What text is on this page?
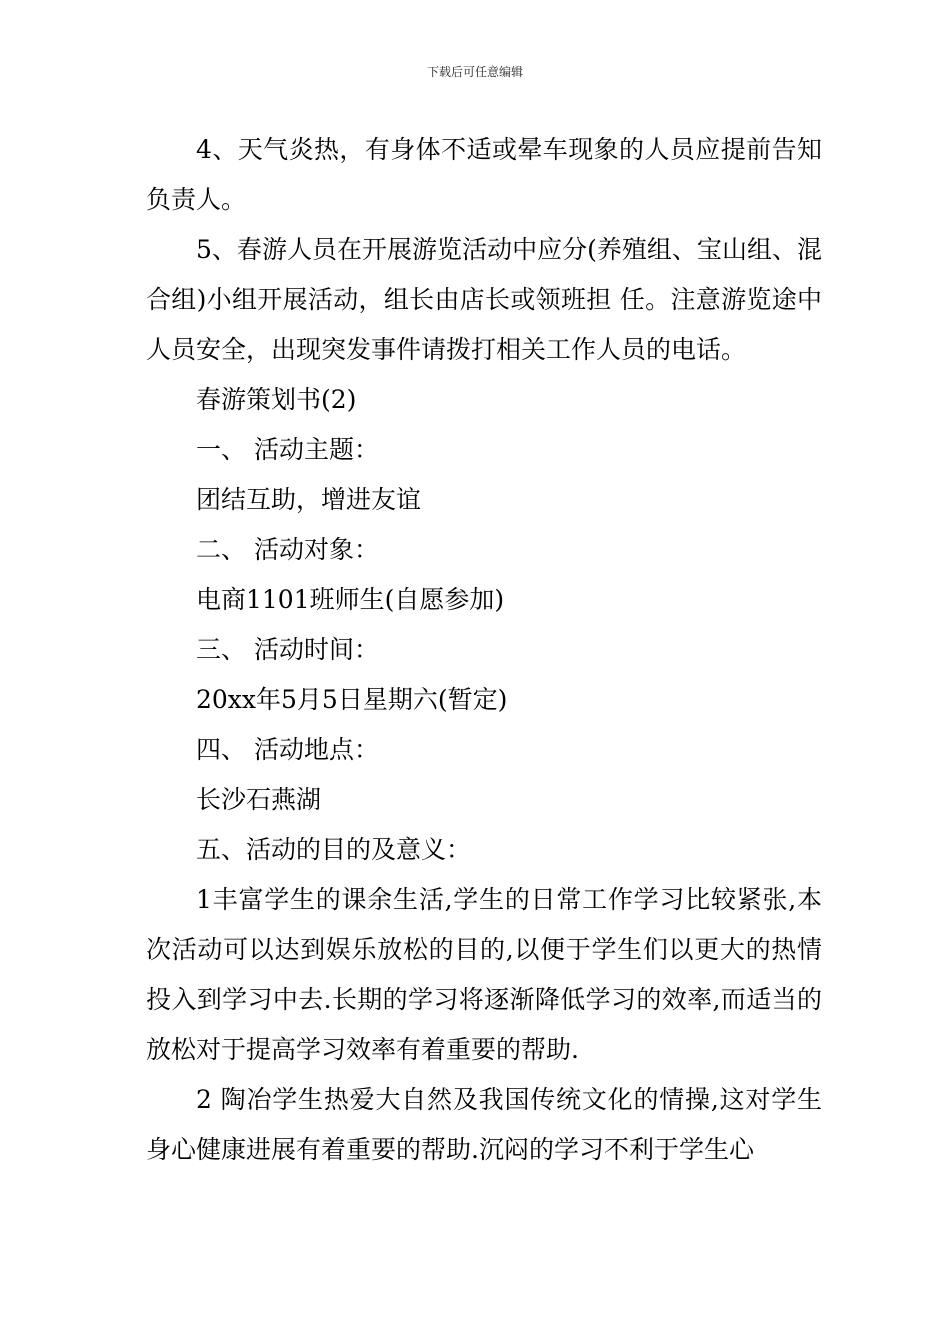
下载后可任意编辑

4、天气炎热，有身体不适或晕车现象的人员应提前告知负责人。

5、春游人员在开展游览活动中应分(养殖组、宝山组、混合组)小组开展活动，组长由店长或领班担 任。注意游览途中人员安全，出现突发事件请拨打相关工作人员的电话。

春游策划书(2)

一、 活动主题：

团结互助，增进友谊

二、 活动对象：

电商1101班师生(自愿参加)

三、 活动时间：

20xx年5月5日星期六(暂定)

四、 活动地点：

长沙石燕湖

五、活动的目的及意义：

1丰富学生的课余生活,学生的日常工作学习比较紧张,本次活动可以达到娱乐放松的目的,以便于学生们以更大的热情投入到学习中去.长期的学习将逐渐降低学习的效率,而适当的放松对于提高学习效率有着重要的帮助.

2 陶冶学生热爱大自然及我国传统文化的情操,这对学生身心健康进展有着重要的帮助.沉闷的学习不利于学生心
